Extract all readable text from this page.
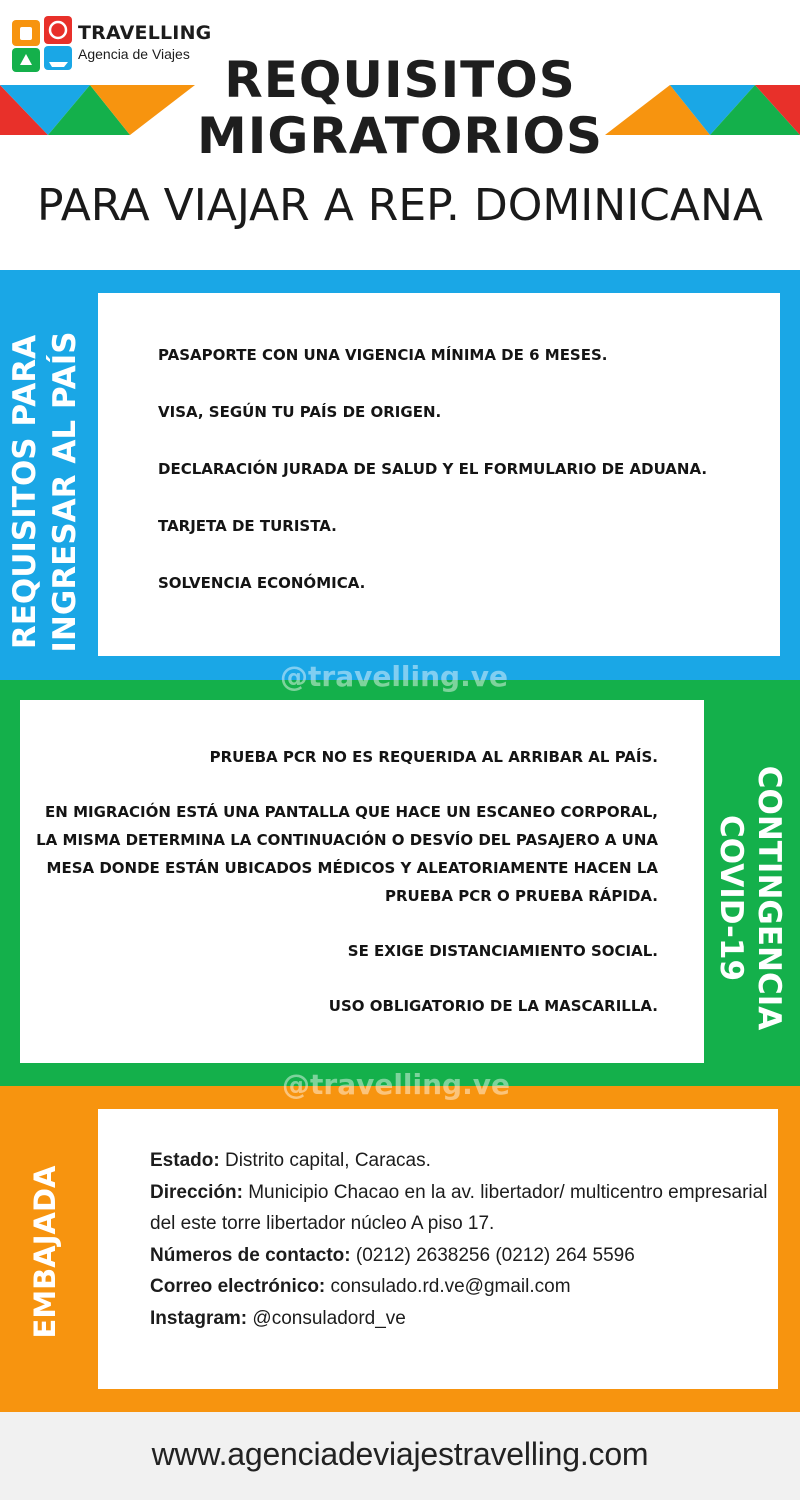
TRAVELLING
Agencia de Viajes REQUISITOS
MIGRATORIOS
PARA VIAJAR A REP. DOMINICANA
REQUISITOS PARA INGRESAR AL PAÍS	PASAPORTE CON UNA VIGENCIA MÍNIMA DE 6 MESES.

VISA, SEGÚN TU PAÍS DE ORIGEN.

DECLARACIÓN JURADA DE SALUD Y EL FORMULARIO DE ADUANA.

TARJETA DE TURISTA.

SOLVENCIA ECONÓMICA.

@travelling.ve
CONTINGENCIA
COVID-19

PRUEBA PCR NO ES REQUERIDA AL ARRIBAR AL PAÍS.

EN MIGRACIÓN ESTÁ UNA PANTALLA QUE HACE UN ESCANEO CORPORAL, LA MISMA DETERMINA LA CONTINUACIÓN O DESVÍO DEL PASAJERO A UNA MESA DONDE ESTÁN UBICADOS MÉDICOS Y ALEATORIAMENTE HACEN LA PRUEBA PCR O PRUEBA RÁPIDA.

SE EXIGE DISTANCIAMIENTO SOCIAL.

USO OBLIGATORIO DE LA MASCARILLA.

@travelling.ve
EMBAJADA

Estado: Distrito capital, Caracas.

Dirección: Municipio Chacao en la av. libertador/ multicentro empresarial del este torre libertador núcleo A piso 17.

Números de contacto: (0212) 2638256 (0212) 264 5596

Correo electrónico: consulado.rd.ve@gmail.com

Instagram: @consuladord_ve

www.agenciadeviajestravelling.com
